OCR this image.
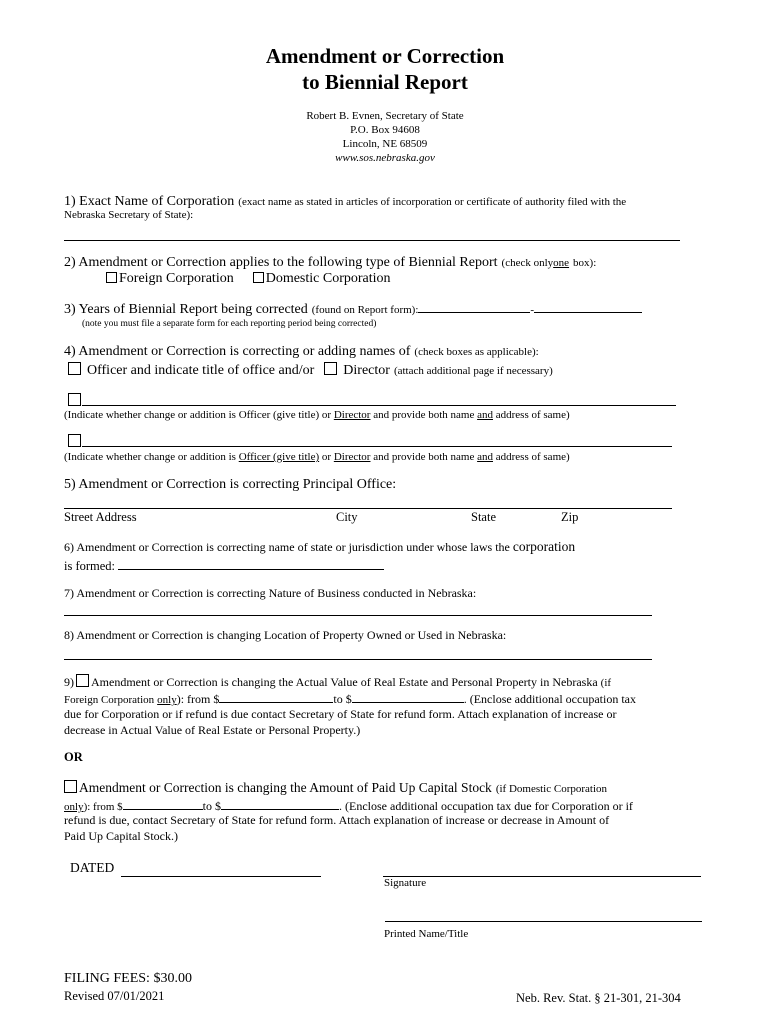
Amendment or Correction
to Biennial Report
Robert B. Evnen, Secretary of State
P.O. Box 94608
Lincoln, NE 68509
www.sos.nebraska.gov
1) Exact Name of Corporation (exact name as stated in articles of incorporation or certificate of authority filed with the
Nebraska Secretary of State):
2) Amendment or Correction applies to the following type of Biennial Report (check onlyone box):
Foreign Corporation Domestic Corporation
3) Years of Biennial Report being corrected (found on Report form):	-
(note you must file a separate form for each reporting period being corrected)
4) Amendment or Correction is correcting or adding names of (check boxes as applicable):
Officer and indicate title of office and/or Director (attach additional page if necessary)
(Indicate whether change or addition is Officer (give title) or Director and provide both name and address of same)
(Indicate whether change or addition is Officer (give title) or Director and provide both name and address of same)
5) Amendment or Correction is correcting Principal Office:
Street Address	City	State	Zip
6) Amendment or Correction is correcting name of state or jurisdiction under whose laws the corporation
is formed:
7) Amendment or Correction is correcting Nature of Business conducted in Nebraska:
8) Amendment or Correction is changing Location of Property Owned or Used in Nebraska:
9) Amendment or Correction is changing the Actual Value of Real Estate and Personal Property in Nebraska (if
Foreign Corporation only): from $	to $	. (Enclose additional occupation tax
due for Corporation or if refund is due contact Secretary of State for refund form. Attach explanation of increase or
decrease in Actual Value of Real Estate or Personal Property.)
OR
Amendment or Correction is changing the Amount of Paid Up Capital Stock (if Domestic Corporation
only): from $	to $	. (Enclose additional occupation tax due for Corporation or if
refund is due, contact Secretary of State for refund form. Attach explanation of increase or decrease in Amount of
Paid Up Capital Stock.)
DATED
Signature
Printed Name/Title
FILING FEES: $30.00
Revised 07/01/2021	Neb. Rev. Stat. § 21-301, 21-304
